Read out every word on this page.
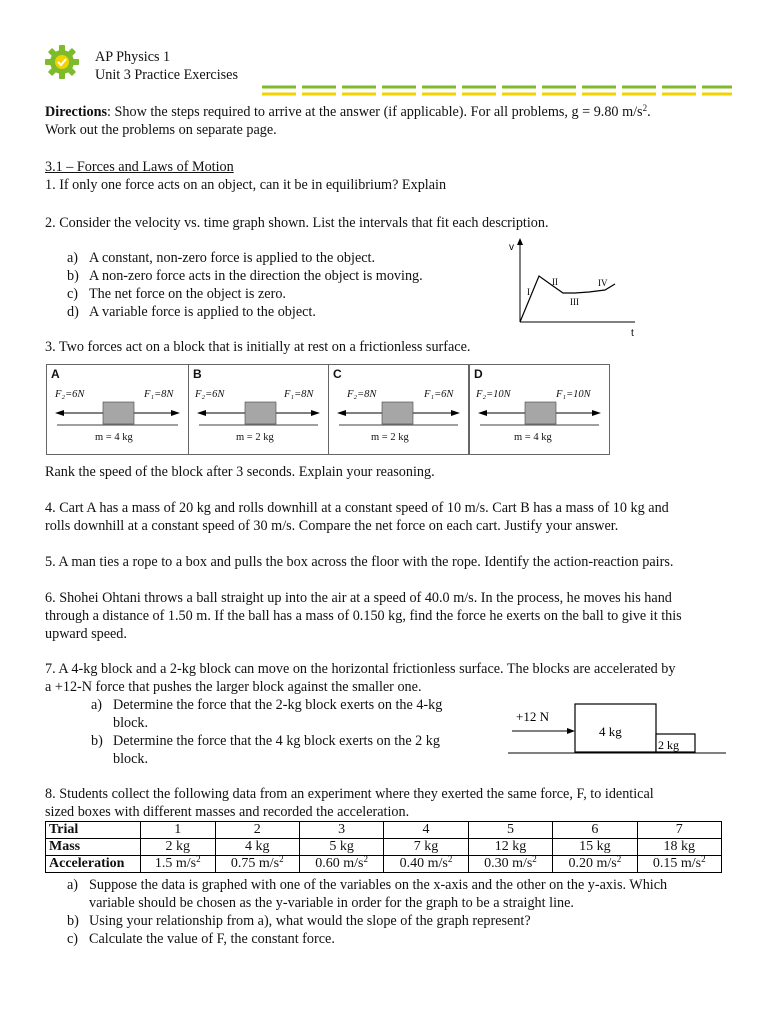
AP Physics 1
Unit 3 Practice Exercises
Directions: Show the steps required to arrive at the answer (if applicable). For all problems, g = 9.80 $m/s^2$.
Work out the problems on separate page.
3.1 – Forces and Laws of Motion
1. If only one force acts on an object, can it be in equilibrium? Explain
2. Consider the velocity vs. time graph shown. List the intervals that fit each description.
a) A constant, non-zero force is applied to the object.
b) A non-zero force acts in the direction the object is moving.
c) The net force on the object is zero.
d) A variable force is applied to the object.
v
t
I
II
III
IV
3. Two forces act on a block that is initially at rest on a frictionless surface.
A
F₂=6N	F₁=8N
m = 4 kg
B
F₂=6N	F₁=8N
m = 2 kg
C
F₂=8N	F₁=6N
m = 2 kg
D
F₂=10N	F₁=10N
m = 4 kg
Rank the speed of the block after 3 seconds. Explain your reasoning.
4. Cart A has a mass of 20 kg and rolls downhill at a constant speed of 10 m/s. Cart B has a mass of 10 kg and
rolls downhill at a constant speed of 30 m/s. Compare the net force on each cart. Justify your answer.
5. A man ties a rope to a box and pulls the box across the floor with the rope. Identify the action-reaction pairs.
6. Shohei Ohtani throws a ball straight up into the air at a speed of 40.0 m/s. In the process, he moves his hand
through a distance of 1.50 m. If the ball has a mass of 0.150 kg, find the force he exerts on the ball to give it this
upward speed.
7. A 4-kg block and a 2-kg block can move on the horizontal frictionless surface. The blocks are accelerated by
a +12-N force that pushes the larger block against the smaller one.
a) Determine the force that the 2-kg block exerts on the 4-kg
block.
b) Determine the force that the 4 kg block exerts on the 2 kg
block.
+12 N
4 kg
2 kg
8. Students collect the following data from an experiment where they exerted the same force, F, to identical
sized boxes with different masses and recorded the acceleration.
Trial	1	2	3	4	5	6	7
Mass	2 kg	4 kg	5 kg	7 kg	12 kg	15 kg	18 kg
Acceleration	1.5 $m/s^2$	0.75 $m/s^2$	0.60 $m/s^2$	0.40 $m/s^2$	0.30 $m/s^2$	0.20 $m/s^2$	0.15 $m/s^2$
a) Suppose the data is graphed with one of the variables on the x-axis and the other on the y-axis. Which
variable should be chosen as the y-variable in order for the graph to be a straight line.
b) Using your relationship from a), what would the slope of the graph represent?
c) Calculate the value of F, the constant force.
